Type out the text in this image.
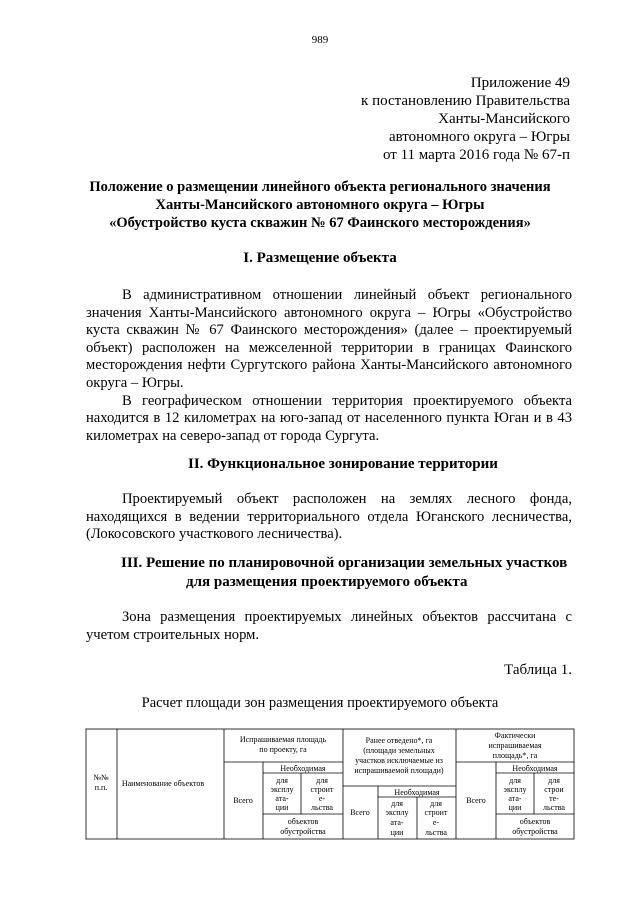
989
Приложение 49
к постановлению Правительства
Ханты-Мансийского
автономного округа – Югры
от 11 марта 2016 года № 67-п
Положение о размещении линейного объекта регионального значения
Ханты-Мансийского автономного округа – Югры
«Обустройство куста скважин № 67 Фаинского месторождения»
I. Размещение объекта
В административном отношении линейный объект регионального значения Ханты-Мансийского автономного округа – Югры «Обустройство куста скважин № 67 Фаинского месторождения» (далее – проектируемый объект) расположен на межселенной территории в границах Фаинского месторождения нефти Сургутского района Ханты-Мансийского автономного округа – Югры.
В географическом отношении территория проектируемого объекта находится в 12 километрах на юго-запад от населенного пункта Юган и в 43 километрах на северо-запад от города Сургута.
II. Функциональное зонирование территории
Проектируемый объект расположен на землях лесного фонда, находящихся в ведении территориального отдела Юганского лесничества, (Локосовского участкового лесничества).
III. Решение по планировочной организации земельных участков
для размещения проектируемого объекта
Зона размещения проектируемых линейных объектов рассчитана с учетом строительных норм.
Таблица 1.
Расчет площади зон размещения проектируемого объекта
№№
п.п. Наименование объектов
Испрашиваемая площадь
по проекту, га
Всего
Необходимая
для
эксплу
ата-
ции
для
строит
е-
льства
объектов
обустройства
Ранее отведено*, га
(площади земельных
участков исключаемые из
испрашиваемой площади)
Всего
Необходимая
для
эксплу
ата-
ции
для
строит
е-
льства
Фактически
испрашиваемая
площадь*, га
Всего
Необходимая
для
эксплу
ата-
ции
для
строи
те-
льства
объектов
обустройства
